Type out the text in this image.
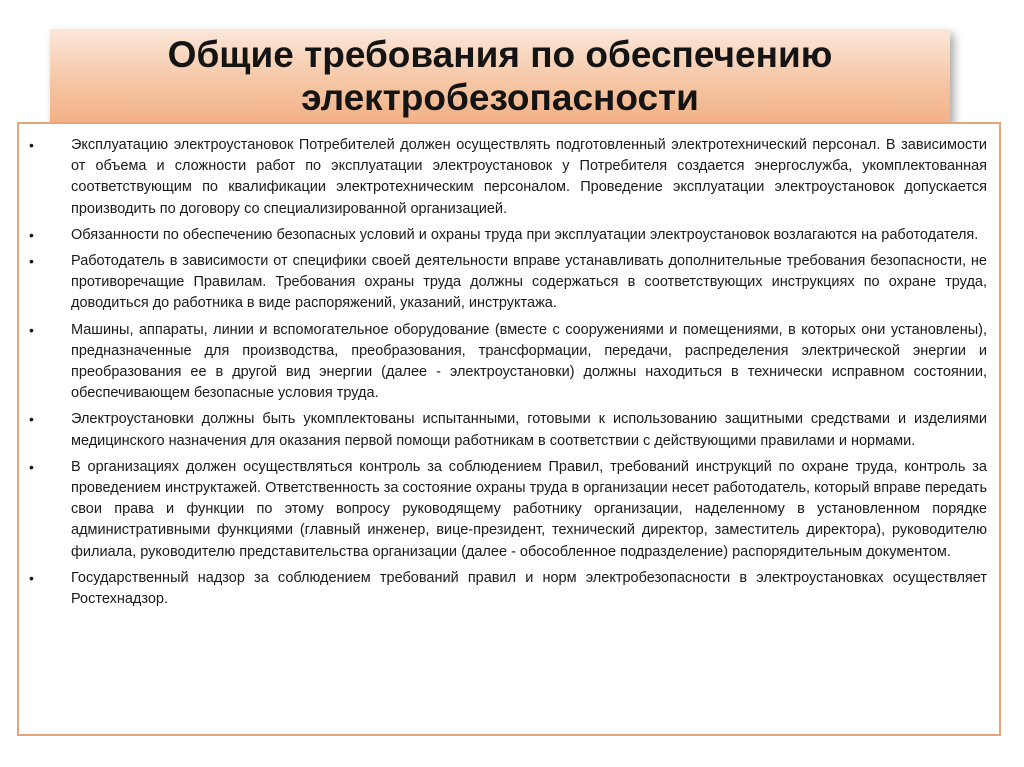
Общие требования по обеспечению
электробезопасности
•	Эксплуатацию электроустановок Потребителей должен осуществлять подготовленный электротехнический персонал. В зависимости от объема и сложности работ по эксплуатации электроустановок у Потребителя создается энергослужба, укомплектованная соответствующим по квалификации электротехническим персоналом. Проведение эксплуатации электроустановок допускается производить по договору со специализированной организацией.
•	Обязанности по обеспечению безопасных условий и охраны труда при эксплуатации электроустановок возлагаются на работодателя.
•	Работодатель в зависимости от специфики своей деятельности вправе устанавливать дополнительные требования безопасности, не противоречащие Правилам. Требования охраны труда должны содержаться в соответствующих инструкциях по охране труда, доводиться до работника в виде распоряжений, указаний, инструктажа.
•	Машины, аппараты, линии и вспомогательное оборудование (вместе с сооружениями и помещениями, в которых они установлены), предназначенные для производства, преобразования, трансформации, передачи, распределения электрической энергии и преобразования ее в другой вид энергии (далее - электроустановки) должны находиться в технически исправном состоянии, обеспечивающем безопасные условия труда.
•	Электроустановки должны быть укомплектованы испытанными, готовыми к использованию защитными средствами и изделиями медицинского назначения для оказания первой помощи работникам в соответствии с действующими правилами и нормами.
•	В организациях должен осуществляться контроль за соблюдением Правил, требований инструкций по охране труда, контроль за проведением инструктажей. Ответственность за состояние охраны труда в организации несет работодатель, который вправе передать свои права и функции по этому вопросу руководящему работнику организации, наделенному в установленном порядке административными функциями (главный инженер, вице-президент, технический директор, заместитель директора), руководителю филиала, руководителю представительства организации (далее - обособленное подразделение) распорядительным документом.
•	Государственный надзор за соблюдением требований правил и норм электробезопасности в электроустановках осуществляет Ростехнадзор.
